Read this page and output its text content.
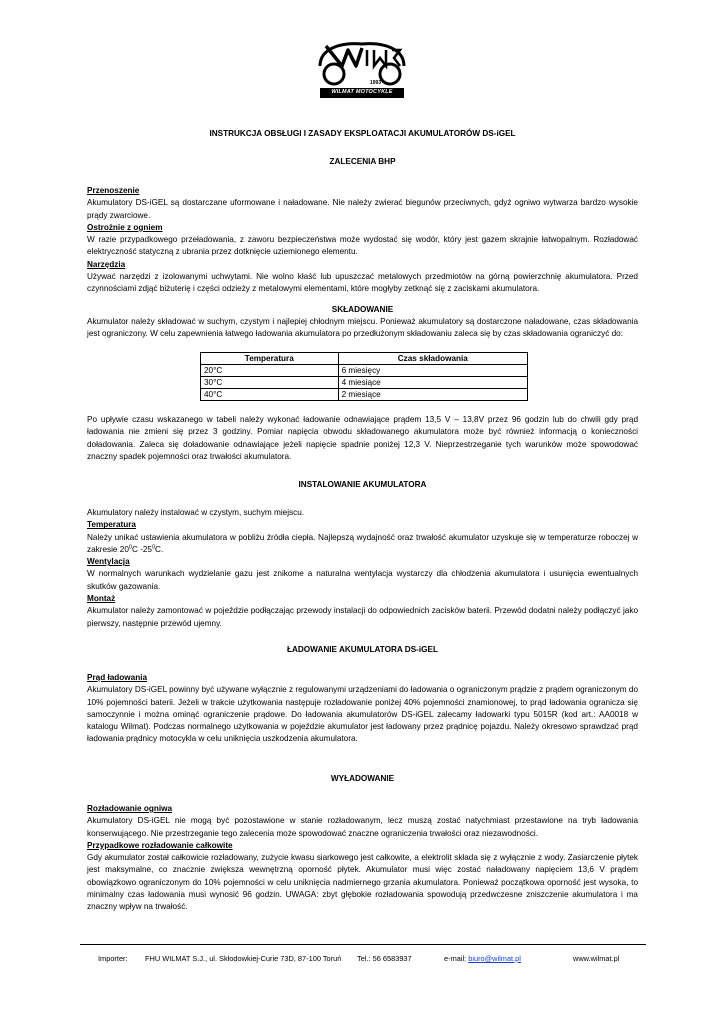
1993
WILMAT MOTOCYKLE

INSTRUKCJA OBSŁUGI I ZASADY EKSPLOATACJI AKUMULATORÓW DS-iGEL

ZALECENIA BHP

Przenoszenie

Akumulatory DS-iGEL są dostarczane uformowane i naładowane. Nie należy zwierać biegunów przeciwnych, gdyż ogniwo wytwarza bardzo wysokie prądy zwarciowe.

Ostrożnie z ogniem

W razie przypadkowego przeładowania, z zaworu bezpieczeństwa może wydostać się wodór, który jest gazem skrajnie łatwopalnym. Rozładować elektryczność statyczną z ubrania przez dotknięcie uziemionego elementu.

Narzędzia

Używać narzędzi z izolowanymi uchwytami. Nie wolno kłaść lub upuszczać metalowych przedmiotów na górną powierzchnię akumulatora. Przed czynnościami zdjąć biżuterię i części odzieży z metalowymi elementami, które mogłyby zetknąć się z zaciskami akumulatora.

SKŁADOWANIE

Akumulator należy składować w suchym, czystym i najlepiej chłodnym miejscu. Ponieważ akumulatory są dostarczone naładowane, czas składowania jest ograniczony. W celu zapewnienia łatwego ładowania akumulatora po przedłużonym składowaniu zaleca się by czas składowania ograniczyć do:

Temperatura	Czas składowania
20°C	6 miesięcy
30°C	4 miesiące
40°C	2 miesiące

Po upływie czasu wskazanego w tabeli należy wykonać ładowanie odnawiające prądem 13,5 V – 13,8V przez 96 godzin lub do chwili gdy prąd ładowania nie zmieni się przez 3 godziny. Pomiar napięcia obwodu składowanego akumulatora może być również informacją o konieczności doładowania. Zaleca się doładowanie odnawiające jeżeli napięcie spadnie poniżej 12,3 V. Nieprzestrzeganie tych warunków może spowodować znaczny spadek pojemności oraz trwałości akumulatora.

INSTALOWANIE AKUMULATORA

Akumulatory należy instalować w czystym, suchym miejscu.

Temperatura

Należy unikać ustawienia akumulatora w pobliżu źródła ciepła. Najlepszą wydajność oraz trwałość akumulator uzyskuje się w temperaturze roboczej w zakresie $20^0C$ $-25^0C$.

Wentylacja

W normalnych warunkach wydzielanie gazu jest znikome a naturalna wentylacja wystarczy dla chłodzenia akumulatora i usunięcia ewentualnych skutków gazowania.

Montaż

Akumulator należy zamontować w pojeździe podłączając przewody instalacji do odpowiednich zacisków baterii. Przewód dodatni należy podłączyć jako pierwszy, następnie przewód ujemny.

ŁADOWANIE AKUMULATORA DS-iGEL

Prąd ładowania

Akumulatory DS-iGEL powinny być używane wyłącznie z regulowanymi urządzeniami do ładowania o ograniczonym prądzie z prądem ograniczonym do 10% pojemności baterii. Jeżeli w trakcie użytkowania następuje rozładowanie poniżej 40% pojemności znamionowej, to prąd ładowania ogranicza się samoczynnie i można ominąć ograniczenie prądowe. Do ładowania akumulatorów DS-iGEL zalecamy ładowarki typu 5015R (kod art.: AA0018 w katalogu Wilmat). Podczas normalnego użytkowania w pojeździe akumulator jest ładowany przez prądnicę pojazdu. Należy okresowo sprawdzać prąd ładowania prądnicy motocykla w celu uniknięcia uszkodzenia akumulatora.

WYŁADOWANIE

Rozładowanie ogniwa

Akumulatory DS-iGEL nie mogą być pozostawione w stanie rozładowanym, lecz muszą zostać natychmiast przestawione na tryb ładowania konserwującego. Nie przestrzeganie tego zalecenia może spowodować znaczne ograniczenia trwałości oraz niezawodności.

Przypadkowe rozładowanie całkowite

Gdy akumulator został całkowicie rozładowany, zużycie kwasu siarkowego jest całkowite, a elektrolit składa się z wyłącznie z wody. Zasiarczenie płytek jest maksymalne, co znacznie zwiększa wewnętrzną oporność płytek. Akumulator musi więc zostać naładowany napięciem 13,6 V prądem obowiązkowo ograniczonym do 10% pojemności w celu uniknięcia nadmiernego grzania akumulatora. Ponieważ początkowa oporność jest wysoka, to minimalny czas ładowania musi wynosić 96 godzin. UWAGA: zbyt głębokie rozładowania spowodują przedwczesne zniszczenie akumulatora i ma znaczny wpływ na trwałość.

Importer: FHU WILMAT S.J., ul. Skłodowkiej-Curie 73D, 87-100 Toruń Tel.: 56 6583937	e-mail: biuro@wilmat.pl	www.wilmat.pl
